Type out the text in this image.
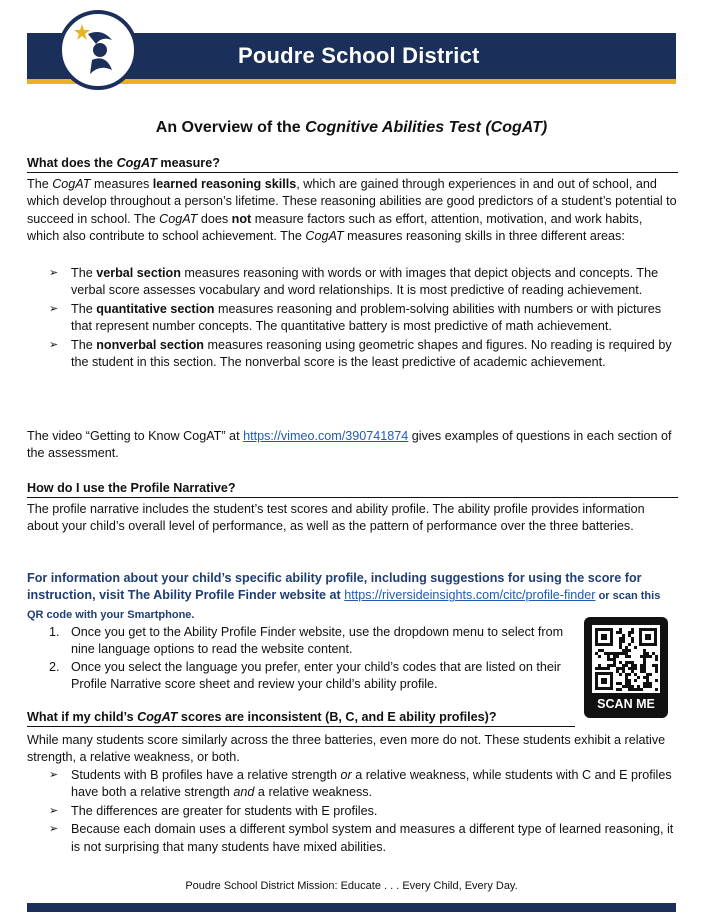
Poudre School District
An Overview of the Cognitive Abilities Test (CogAT)
What does the CogAT measure?
The CogAT measures learned reasoning skills, which are gained through experiences in and out of school, and which develop throughout a person’s lifetime. These reasoning abilities are good predictors of a student’s potential to succeed in school. The CogAT does not measure factors such as effort, attention, motivation, and work habits, which also contribute to school achievement. The CogAT measures reasoning skills in three different areas:
➢ The verbal section measures reasoning with words or with images that depict objects and concepts. The verbal score assesses vocabulary and word relationships. It is most predictive of reading achievement.
➢ The quantitative section measures reasoning and problem-solving abilities with numbers or with pictures that represent number concepts. The quantitative battery is most predictive of math achievement.
➢ The nonverbal section measures reasoning using geometric shapes and figures. No reading is required by the student in this section. The nonverbal score is the least predictive of academic achievement.
The video “Getting to Know CogAT” at https://vimeo.com/390741874 gives examples of questions in each section of the assessment.
How do I use the Profile Narrative?
The profile narrative includes the student’s test scores and ability profile. The ability profile provides information about your child’s overall level of performance, as well as the pattern of performance over the three batteries.
For information about your child’s specific ability profile, including suggestions for using the score for instruction, visit The Ability Profile Finder website at https://riversideinsights.com/citc/profile-finder or scan this QR code with your Smartphone.
1. Once you get to the Ability Profile Finder website, use the dropdown menu to select from nine language options to read the website content.
2. Once you select the language you prefer, enter your child’s codes that are listed on their Profile Narrative score sheet and review your child’s ability profile.
SCAN ME
What if my child’s CogAT scores are inconsistent (B, C, and E ability profiles)?
While many students score similarly across the three batteries, even more do not. These students exhibit a relative strength, a relative weakness, or both.
➢ Students with B profiles have a relative strength or a relative weakness, while students with C and E profiles have both a relative strength and a relative weakness.
➢ The differences are greater for students with E profiles.
➢ Because each domain uses a different symbol system and measures a different type of learned reasoning, it is not surprising that many students have mixed abilities.
Poudre School District Mission: Educate . . . Every Child, Every Day.
